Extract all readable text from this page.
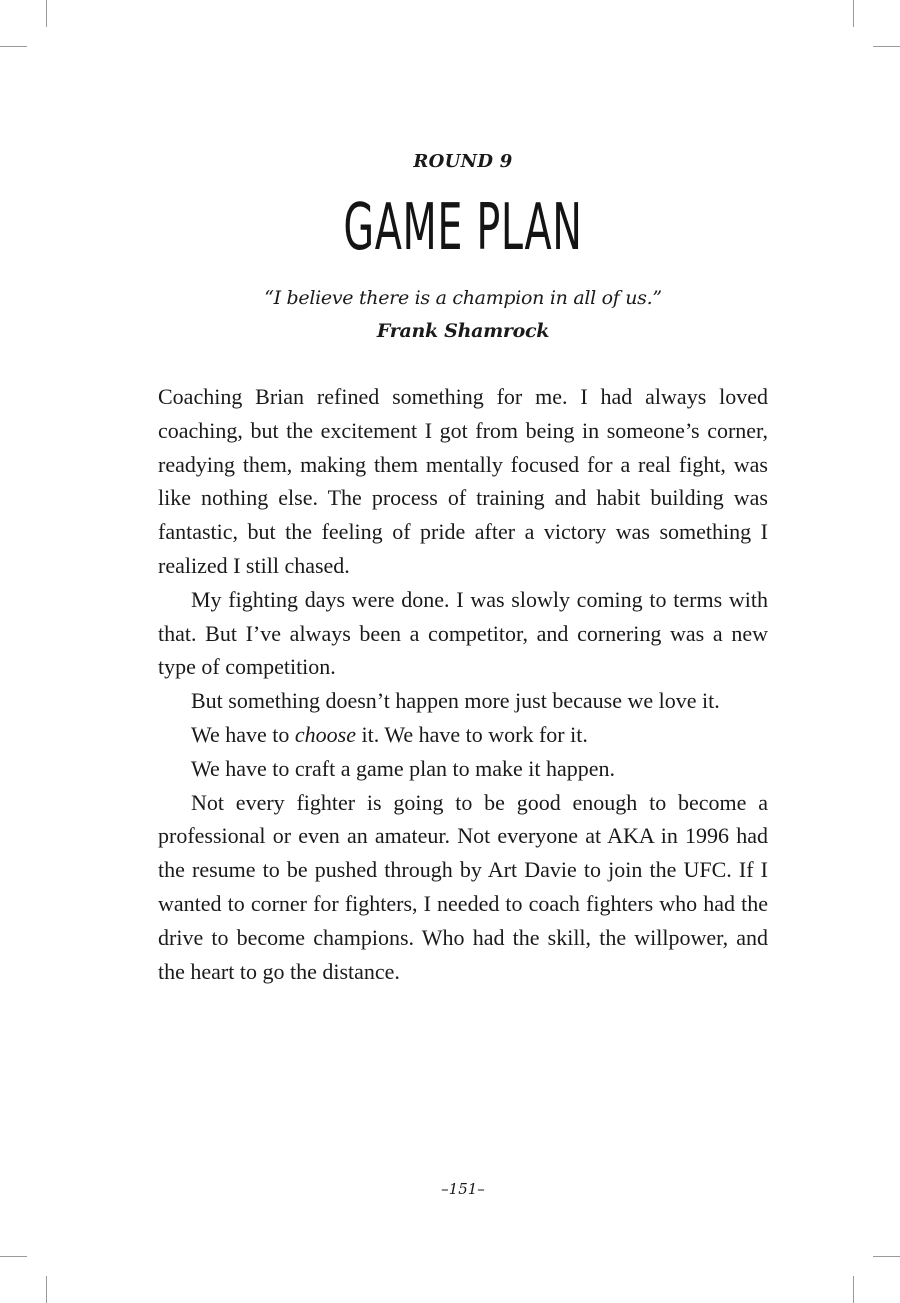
ROUND 9
GAME PLAN
“I believe there is a champion in all of us.”
Frank Shamrock

Coaching Brian refined something for me. I had always loved coaching, but the excitement I got from being in someone’s corner, readying them, making them mentally focused for a real fight, was like nothing else. The process of training and habit building was fantastic, but the feeling of pride after a victory was something I realized I still chased.

My fighting days were done. I was slowly coming to terms with that. But I’ve always been a competitor, and cornering was a new type of competition.

But something doesn’t happen more just because we love it.

We have to choose it. We have to work for it.

We have to craft a game plan to make it happen.

Not every fighter is going to be good enough to become a professional or even an amateur. Not everyone at AKA in 1996 had the resume to be pushed through by Art Davie to join the UFC. If I wanted to corner for fighters, I needed to coach fighters who had the drive to become champions. Who had the skill, the willpower, and the heart to go the distance.

–151–
